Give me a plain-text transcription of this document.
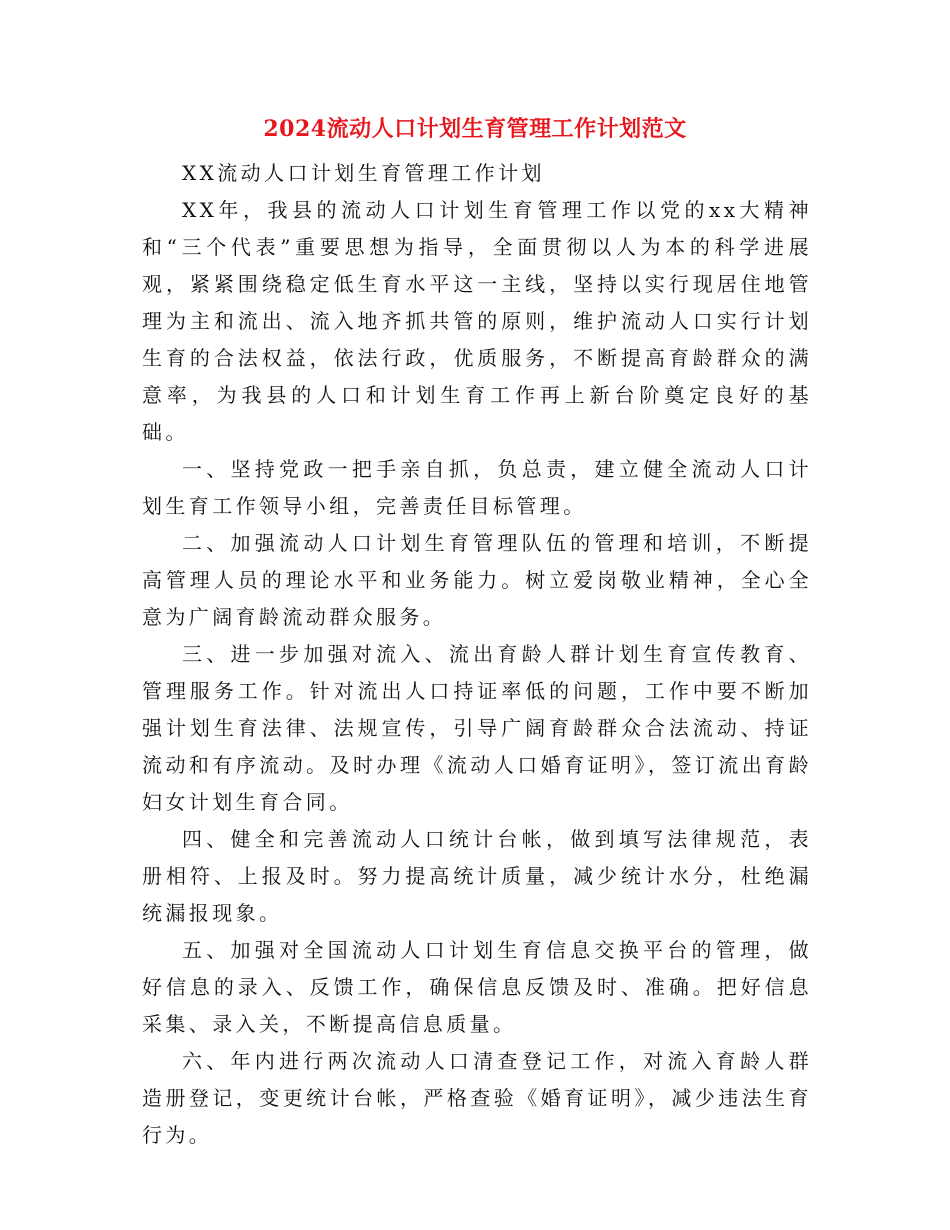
2024流动人口计划生育管理工作计划范文

XX流动人口计划生育管理工作计划

XX年，我县的流动人口计划生育管理工作以党的xx大精神和“三个代表”重要思想为指导，全面贯彻以人为本的科学进展观，紧紧围绕稳定低生育水平这一主线，坚持以实行现居住地管理为主和流出、流入地齐抓共管的原则，维护流动人口实行计划生育的合法权益，依法行政，优质服务，不断提高育龄群众的满意率，为我县的人口和计划生育工作再上新台阶奠定良好的基础。

一、坚持党政一把手亲自抓，负总责，建立健全流动人口计划生育工作领导小组，完善责任目标管理。

二、加强流动人口计划生育管理队伍的管理和培训，不断提高管理人员的理论水平和业务能力。树立爱岗敬业精神，全心全意为广阔育龄流动群众服务。

三、进一步加强对流入、流出育龄人群计划生育宣传教育、管理服务工作。针对流出人口持证率低的问题，工作中要不断加强计划生育法律、法规宣传，引导广阔育龄群众合法流动、持证流动和有序流动。及时办理《流动人口婚育证明》，签订流出育龄妇女计划生育合同。

四、健全和完善流动人口统计台帐，做到填写法律规范，表册相符、上报及时。努力提高统计质量，减少统计水分，杜绝漏统漏报现象。

五、加强对全国流动人口计划生育信息交换平台的管理，做好信息的录入、反馈工作，确保信息反馈及时、准确。把好信息采集、录入关，不断提高信息质量。

六、年内进行两次流动人口清查登记工作，对流入育龄人群造册登记，变更统计台帐，严格查验《婚育证明》，减少违法生育行为。
